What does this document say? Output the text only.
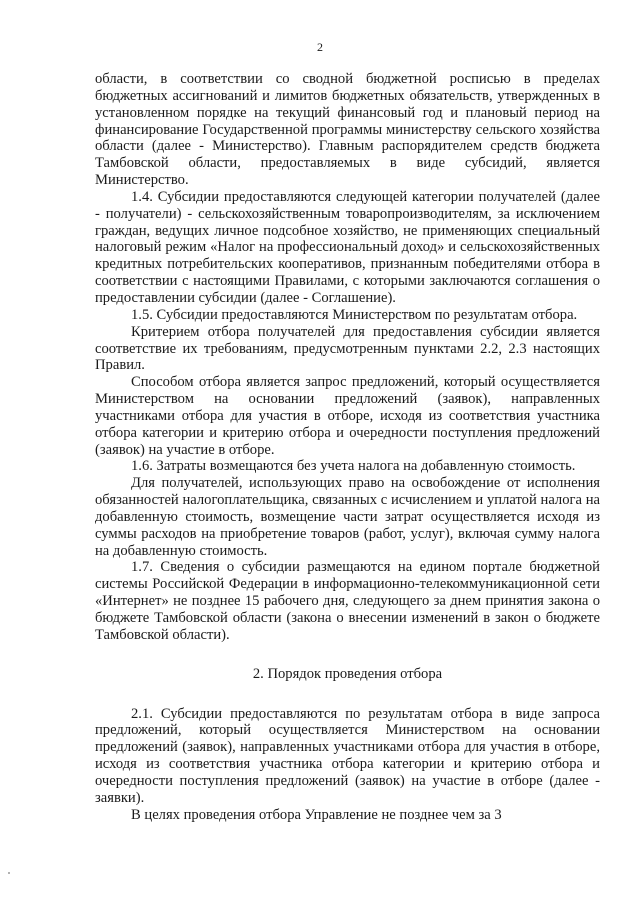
2

области, в соответствии со сводной бюджетной росписью в пределах бюджетных ассигнований и лимитов бюджетных обязательств, утвержденных в установленном порядке на текущий финансовый год и плановый период на финансирование Государственной программы министерству сельского хозяйства области (далее - Министерство). Главным распорядителем средств бюджета Тамбовской области, предоставляемых в виде субсидий, является Министерство.

1.4. Субсидии предоставляются следующей категории получателей (далее - получатели) - сельскохозяйственным товаропроизводителям, за исключением граждан, ведущих личное подсобное хозяйство, не применяющих специальный налоговый режим «Налог на профессиональный доход» и сельскохозяйственных кредитных потребительских кооперативов, признанным победителями отбора в соответствии с настоящими Правилами, с которыми заключаются соглашения о предоставлении субсидии (далее - Соглашение).

1.5. Субсидии предоставляются Министерством по результатам отбора.

Критерием отбора получателей для предоставления субсидии является соответствие их требованиям, предусмотренным пунктами 2.2, 2.3 настоящих Правил.

Способом отбора является запрос предложений, который осуществляется Министерством на основании предложений (заявок), направленных участниками отбора для участия в отборе, исходя из соответствия участника отбора категории и критерию отбора и очередности поступления предложений (заявок) на участие в отборе.

1.6. Затраты возмещаются без учета налога на добавленную стоимость.

Для получателей, использующих право на освобождение от исполнения обязанностей налогоплательщика, связанных с исчислением и уплатой налога на добавленную стоимость, возмещение части затрат осуществляется исходя из суммы расходов на приобретение товаров (работ, услуг), включая сумму налога на добавленную стоимость.

1.7. Сведения о субсидии размещаются на едином портале бюджетной системы Российской Федерации в информационно-телекоммуникационной сети «Интернет» не позднее 15 рабочего дня, следующего за днем принятия закона о бюджете Тамбовской области (закона о внесении изменений в закон о бюджете Тамбовской области).

2. Порядок проведения отбора

2.1. Субсидии предоставляются по результатам отбора в виде запроса предложений, который осуществляется Министерством на основании предложений (заявок), направленных участниками отбора для участия в отборе, исходя из соответствия участника отбора категории и критерию отбора и очередности поступления предложений (заявок) на участие в отборе (далее - заявки).

В целях проведения отбора Управление не позднее чем за 3
